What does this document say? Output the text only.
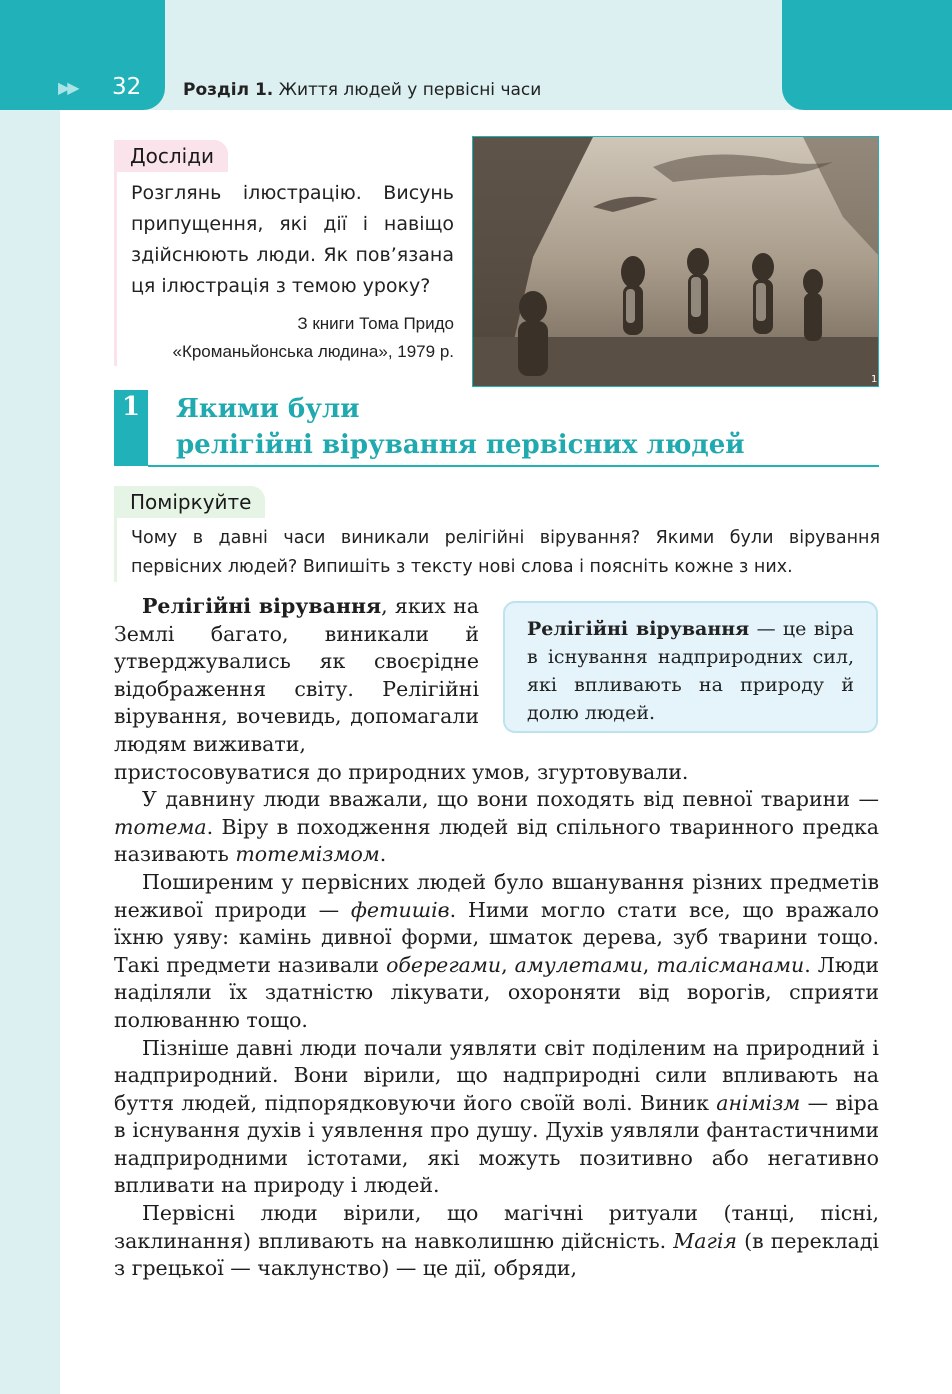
▶▶ 32 Розділ 1. Життя людей у первісні часи
Досліди

Розглянь ілюстрацію. Висунь припущення, які дії і навіщо здійснюють люди. Як пов’язана ця ілюстрація з темою уроку?

З книги Тома Придо
«Кроманьйонська людина», 1979 р.

1
1	Якими були
релігійні вірування первісних людей
Поміркуйте

Чому в давні часи виникали релігійні вірування? Якими були вірування первісних людей? Випишіть з тексту нові слова і поясніть кожне з них.

Релігійні вірування — це віра в існування надприродних сил, які впливають на природу й долю людей.

Релігійні вірування, яких на Землі багато, виникали й утверджувались як своєрідне відображення світу. Релігійні вірування, вочевидь, допомагали людям виживати,

пристосовуватися до природних умов, згуртовували.

У давнину люди вважали, що вони походять від певної тварини — тотема. Віру в походження людей від спільного тваринного предка називають тотемізмом.

Поширеним у первісних людей було вшанування різних предметів неживої природи — фетишів. Ними могло стати все, що вражало їхню уяву: камінь дивної форми, шматок дерева, зуб тварини тощо. Такі предмети називали оберегами, амулетами, талісманами. Люди наділяли їх здатністю лікувати, охороняти від ворогів, сприяти полюванню тощо.

Пізніше давні люди почали уявляти світ поділеним на природний і надприродний. Вони вірили, що надприродні сили впливають на буття людей, підпорядковуючи його своїй волі. Виник анімізм — віра в існування духів і уявлення про душу. Духів уявляли фантастичними надприродними істотами, які можуть позитивно або негативно впливати на природу і людей.

Первісні люди вірили, що магічні ритуали (танці, пісні, заклинання) впливають на навколишню дійсність. Магія (в перекладі з грецької — чаклунство) — це дії, обряди,
